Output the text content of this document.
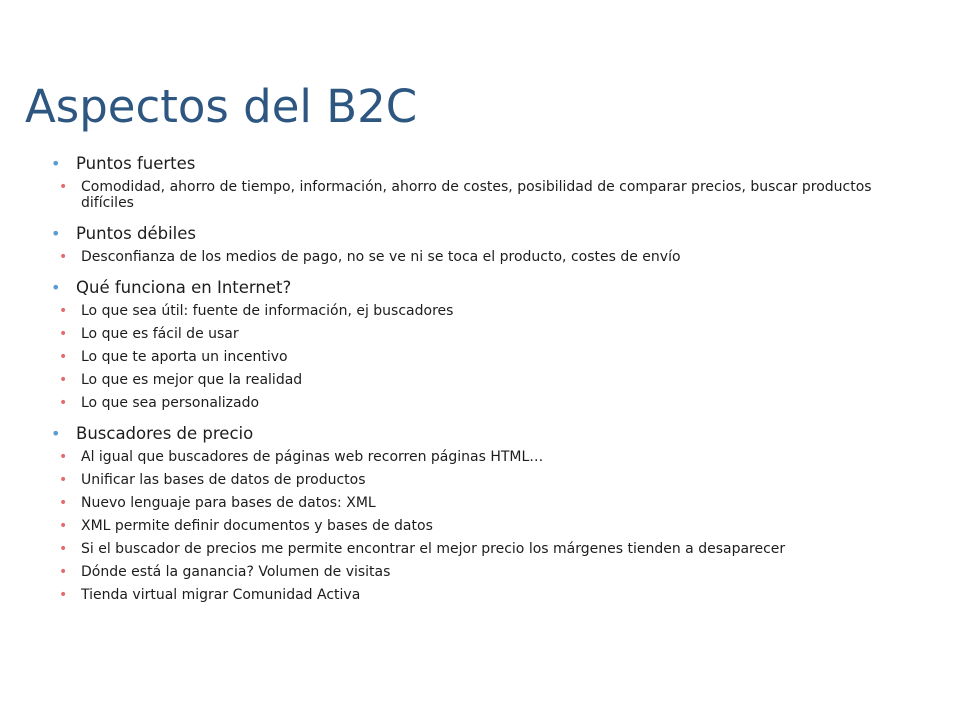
Aspectos del B2C
• Puntos fuertes
• Comodidad, ahorro de tiempo, información, ahorro de costes, posibilidad de comparar precios, buscar productos difíciles
• Puntos débiles
• Desconfianza de los medios de pago, no se ve ni se toca el producto, costes de envío
• Qué funciona en Internet?
• Lo que sea útil: fuente de información, ej buscadores
• Lo que es fácil de usar
• Lo que te aporta un incentivo
• Lo que es mejor que la realidad
• Lo que sea personalizado
• Buscadores de precio
• Al igual que buscadores de páginas web recorren páginas HTML…
• Unificar las bases de datos de productos
• Nuevo lenguaje para bases de datos: XML
• XML permite definir documentos y bases de datos
• Si el buscador de precios me permite encontrar el mejor precio los márgenes tienden a desaparecer
• Dónde está la ganancia? Volumen de visitas
• Tienda virtual migrar Comunidad Activa
